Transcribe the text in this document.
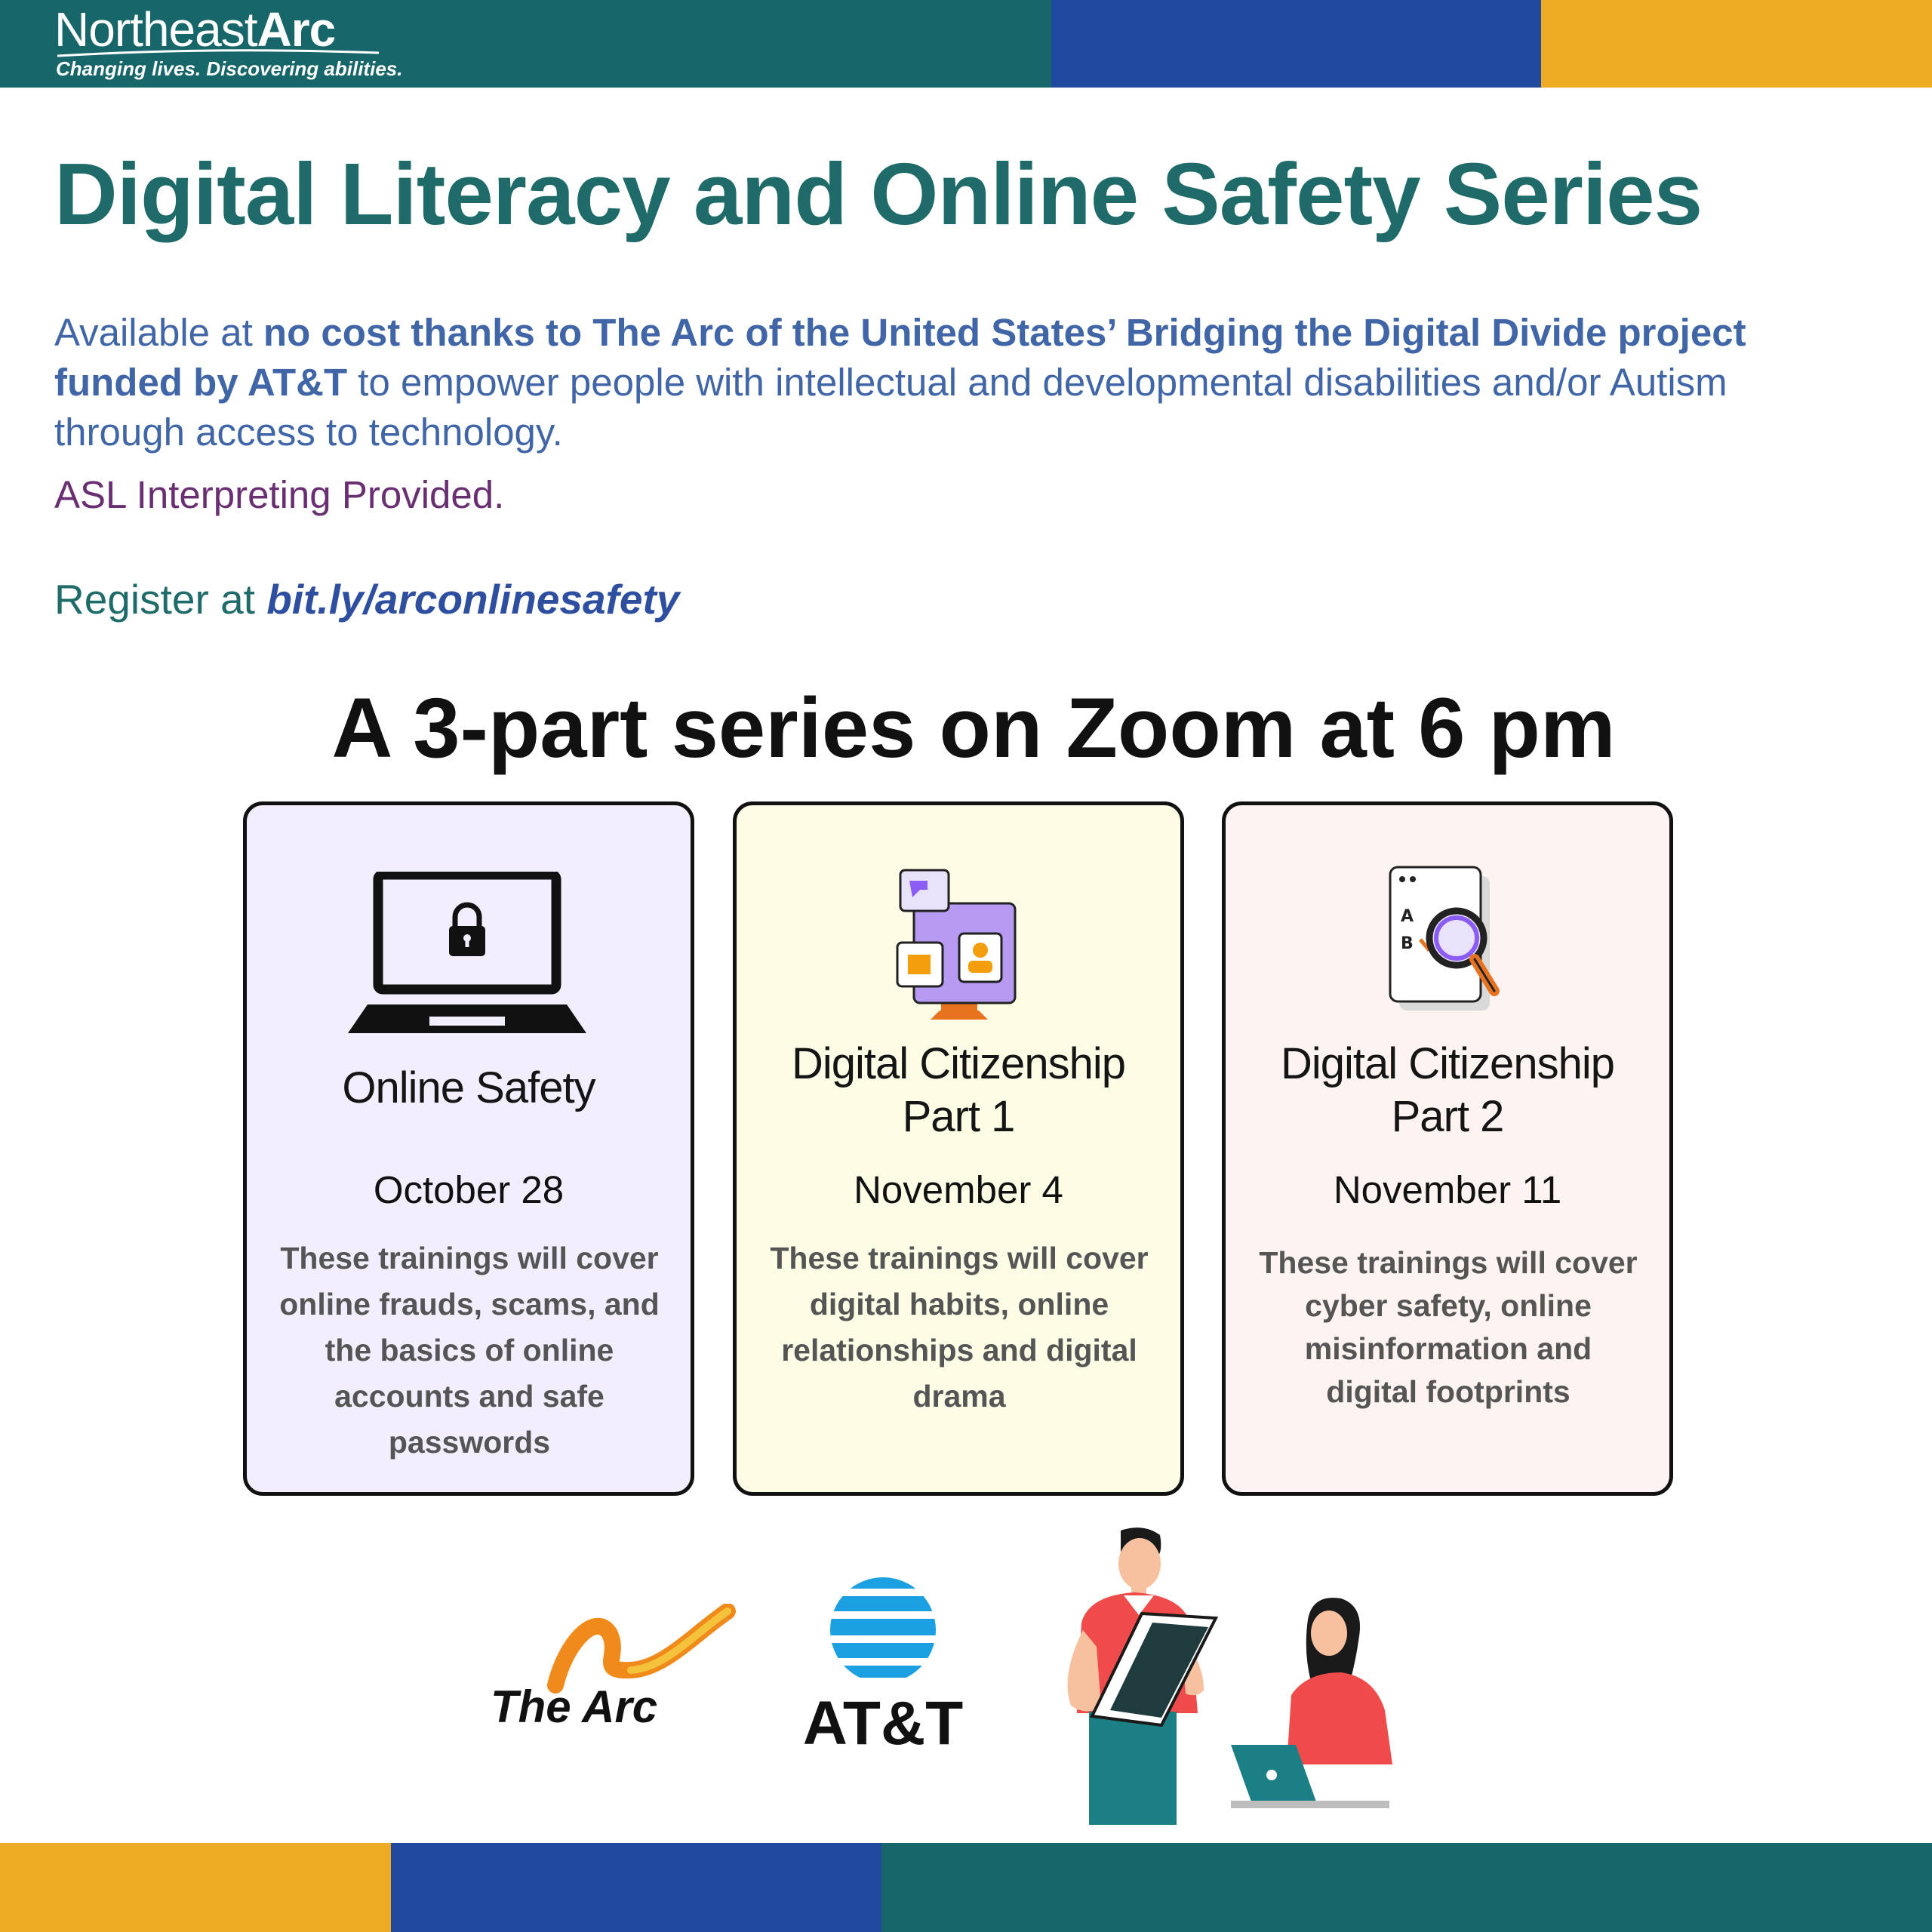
NortheastArc
Changing lives. Discovering abilities.
Digital Literacy and Online Safety Series
Available at no cost thanks to The Arc of the United States’ Bridging the Digital Divide project funded by AT&T to empower people with intellectual and developmental disabilities and/or Autism through access to technology.
ASL Interpreting Provided.
Register at bit.ly/arconlinesafety
A 3-part series on Zoom at 6 pm
Online Safety
October 28
These trainings will cover online frauds, scams, and the basics of online accounts and safe passwords
Digital Citizenship
Part 1
November 4
These trainings will cover digital habits, online relationships and digital drama
A
B
Digital Citizenship
Part 2
November 11
These trainings will cover cyber safety, online misinformation and digital footprints
The Arc AT&T
